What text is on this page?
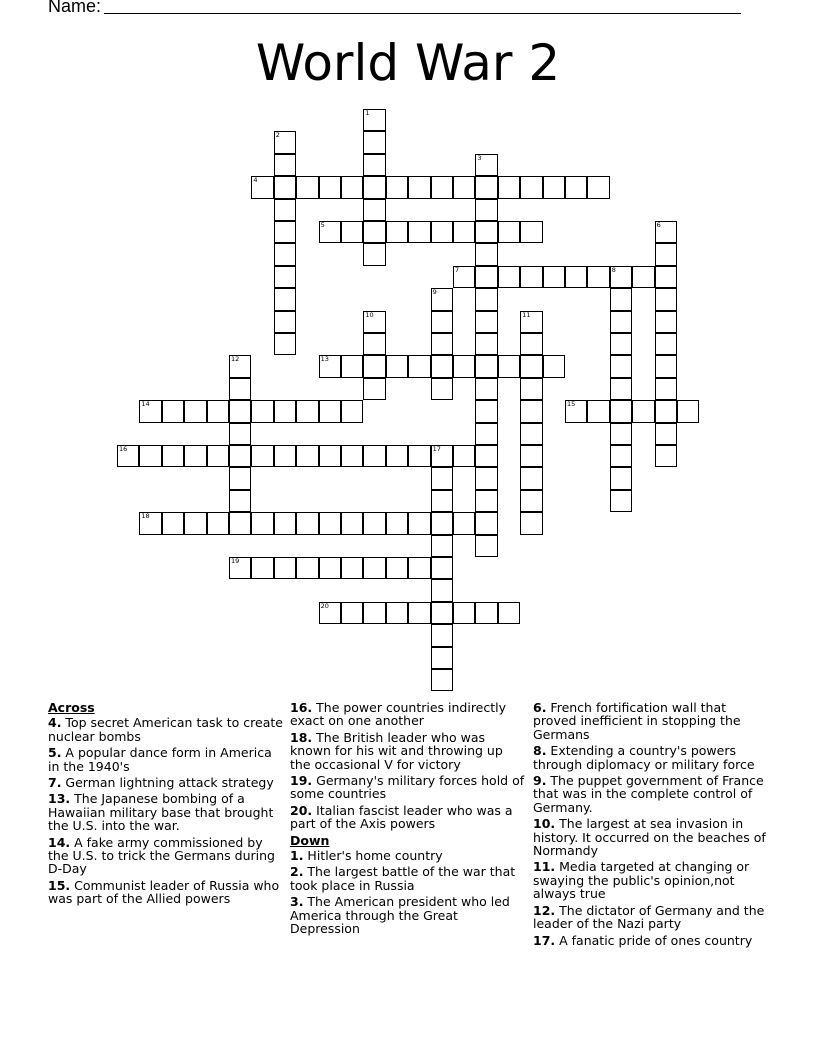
Name:
World War 2
1
2
3
4
5	6
7	8
9
10	11
12	13
14	15
16	17
18
19
20
Across
4. Top secret American task to create nuclear bombs
5. A popular dance form in America in the 1940's
7. German lightning attack strategy
13. The Japanese bombing of a Hawaiian military base that brought the U.S. into the war.
14. A fake army commissioned by the U.S. to trick the Germans during D-Day
15. Communist leader of Russia who was part of the Allied powers
16. The power countries indirectly exact on one another
18. The British leader who was known for his wit and throwing up the occasional V for victory
19. Germany's military forces hold of some countries
20. Italian fascist leader who was a part of the Axis powers
Down
1. Hitler's home country
2. The largest battle of the war that took place in Russia
3. The American president who led America through the Great Depression
6. French fortification wall that proved inefficient in stopping the Germans
8. Extending a country's powers through diplomacy or military force
9. The puppet government of France that was in the complete control of Germany.
10. The largest at sea invasion in history. It occurred on the beaches of Normandy
11. Media targeted at changing or swaying the public's opinion,not always true
12. The dictator of Germany and the leader of the Nazi party
17. A fanatic pride of ones country
